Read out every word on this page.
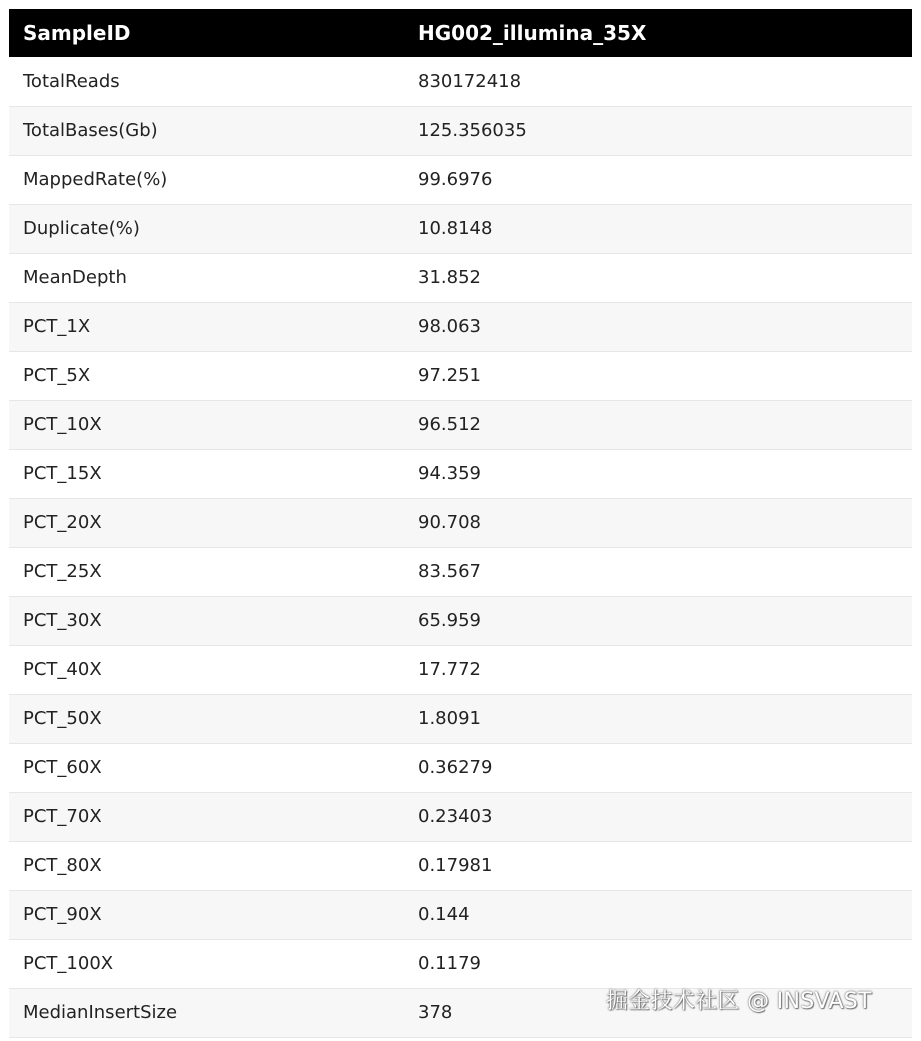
SampleID	HG002_illumina_35X
TotalReads	830172418
TotalBases(Gb)	125.356035
MappedRate(%)	99.6976
Duplicate(%)	10.8148
MeanDepth	31.852
PCT_1X	98.063
PCT_5X	97.251
PCT_10X	96.512
PCT_15X	94.359
PCT_20X	90.708
PCT_25X	83.567
PCT_30X	65.959
PCT_40X	17.772
PCT_50X	1.8091
PCT_60X	0.36279
PCT_70X	0.23403
PCT_80X	0.17981
PCT_90X	0.144
PCT_100X	0.1179
MedianInsertSize	378	掘金技术社区 @ INSVAST
